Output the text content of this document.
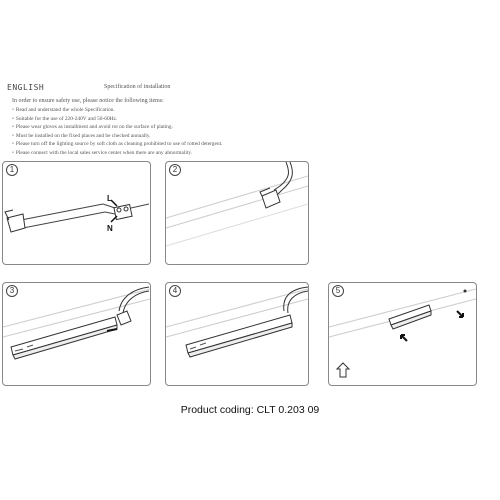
ENGLISH	Specification of installation
In order to ensure safety use, please notice the following items:
• Read and understand the whole Specification.
• Suitable for the use of 220-240V and 50-60Hz.
• Please wear gloves as installment and avoid rot on the surface of plating.
• Must be installed on the fixed places and be checked annually.
• Please turn off the lighting source by soft cloth as cleaning prohibited to use of rotted detergent.
• Please connect with the local sales service center when there are any abnormality.
1
L
N
2
3	4	5
Product coding: CLT 0.203 09
